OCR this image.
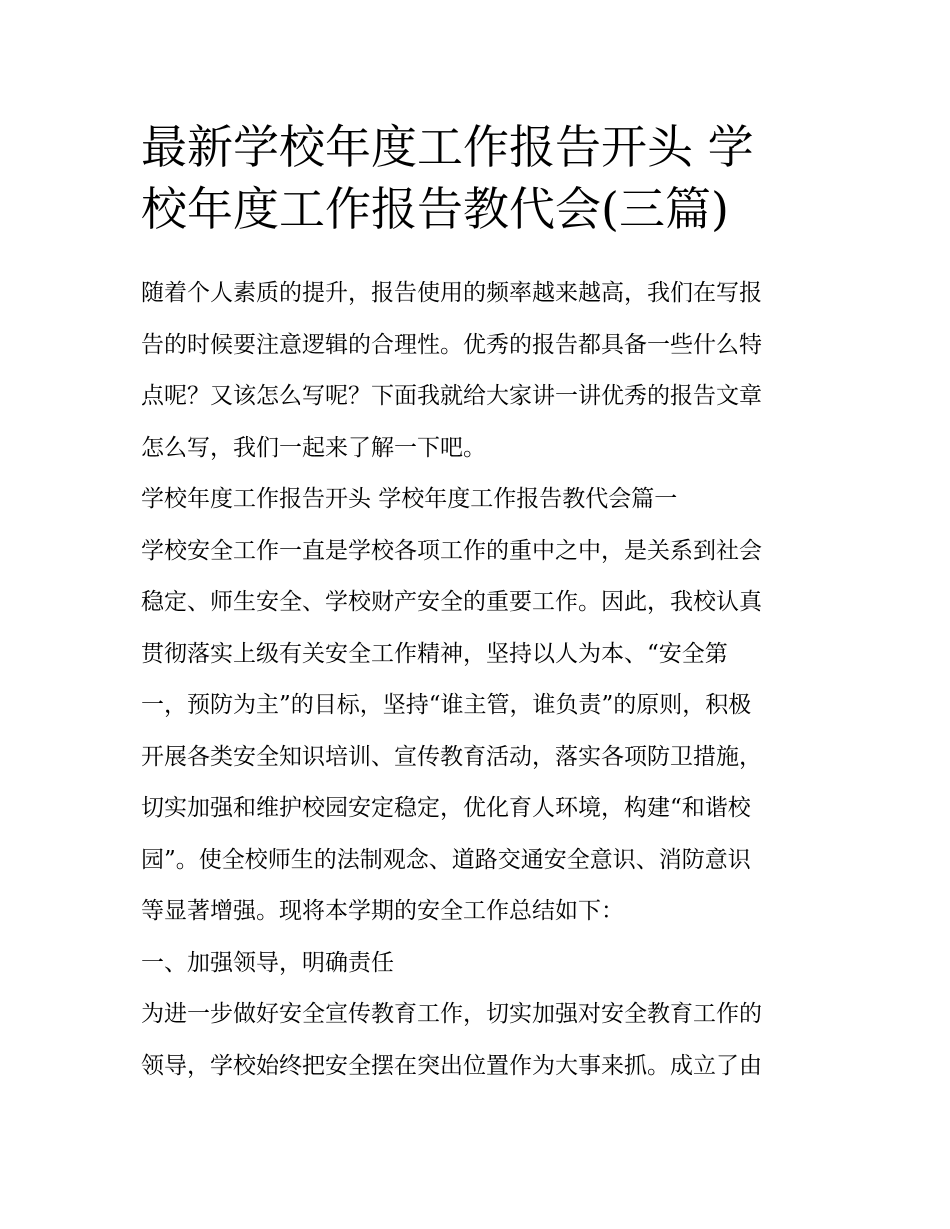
最新学校年度工作报告开头 学
校年度工作报告教代会(三篇)

随着个人素质的提升，报告使用的频率越来越高，我们在写报

告的时候要注意逻辑的合理性。优秀的报告都具备一些什么特

点呢？又该怎么写呢？下面我就给大家讲一讲优秀的报告文章

怎么写，我们一起来了解一下吧。

学校年度工作报告开头 学校年度工作报告教代会篇一

学校安全工作一直是学校各项工作的重中之中，是关系到社会

稳定、师生安全、学校财产安全的重要工作。因此，我校认真

贯彻落实上级有关安全工作精神，坚持以人为本、“安全第

一，预防为主”的目标，坚持“谁主管，谁负责”的原则，积极

开展各类安全知识培训、宣传教育活动，落实各项防卫措施，

切实加强和维护校园安定稳定，优化育人环境，构建“和谐校

园”。使全校师生的法制观念、道路交通安全意识、消防意识

等显著增强。现将本学期的安全工作总结如下：

一、加强领导，明确责任

为进一步做好安全宣传教育工作，切实加强对安全教育工作的

领导，学校始终把安全摆在突出位置作为大事来抓。成立了由
